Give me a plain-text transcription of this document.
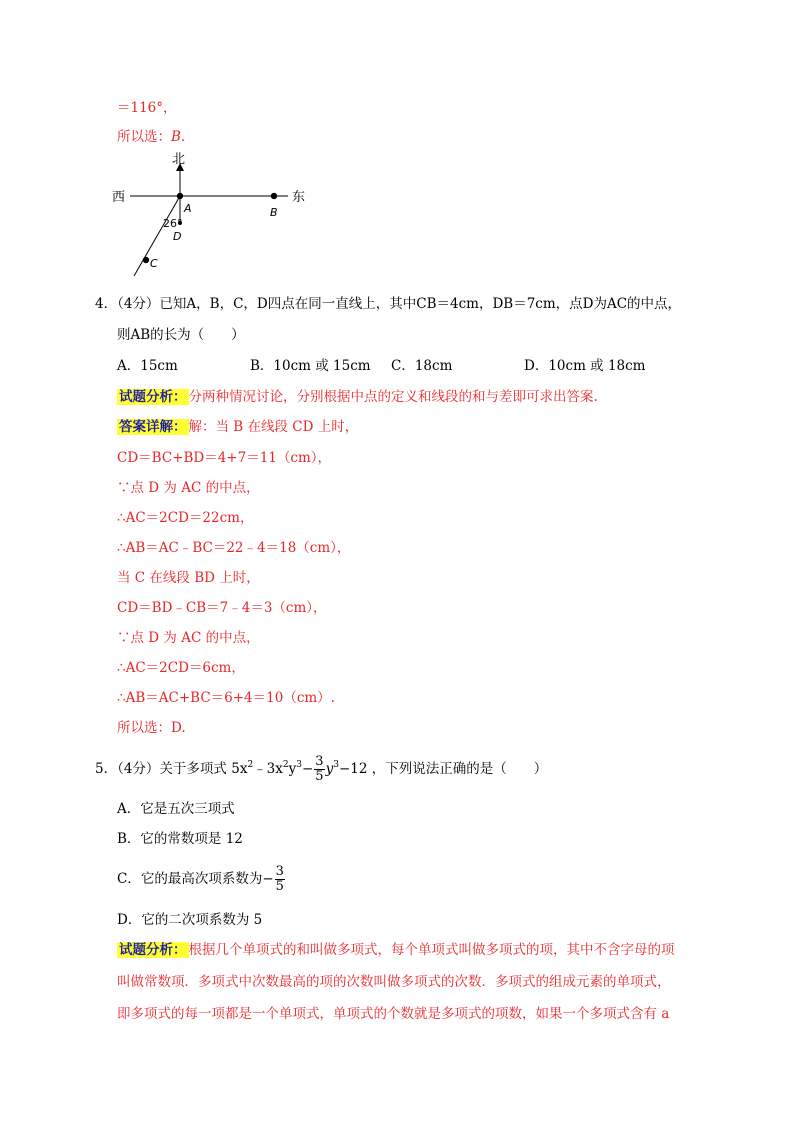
＝116°，
所以选：B.
北
西	东
A	B
C
D
26°
4．（4分）已知A，B，C，D四点在同一直线上，其中CB＝4cm，DB＝7cm，点D为AC的中点，
则AB的长为（　　）
A．15cm	B．10cm 或 15cm C．18cm	D．10cm 或 18cm
试题分析： 分两种情况讨论，分别根据中点的定义和线段的和与差即可求出答案.
答案详解： 解：当 B 在线段 CD 上时，
CD＝BC+BD＝4+7＝11（cm），
∵点 D 为 AC 的中点，
∴AC＝2CD＝22cm，
∴AB＝AC﹣BC＝22﹣4＝18（cm），
当 C 在线段 BD 上时，
CD＝BD﹣CB＝7﹣4＝3（cm），
∵点 D 为 AC 的中点，
∴AC＝2CD＝6cm，
∴AB＝AC+BC＝6+4＝10（cm）.
所以选：D.
5．（4分）关于多项式 $5x^2﹣3x^2y^3- \frac{3}{5} y^3-12$ ，下列说法正确的是（　　）
A．它是五次三项式
B．它的常数项是 12
C．它的最高次项系数为− $\frac{3}{5}$
D．它的二次项系数为 5
试题分析： 根据几个单项式的和叫做多项式，每个单项式叫做多项式的项，其中不含字母的项
叫做常数项．多项式中次数最高的项的次数叫做多项式的次数．多项式的组成元素的单项式，
即多项式的每一项都是一个单项式，单项式的个数就是多项式的项数，如果一个多项式含有 a
